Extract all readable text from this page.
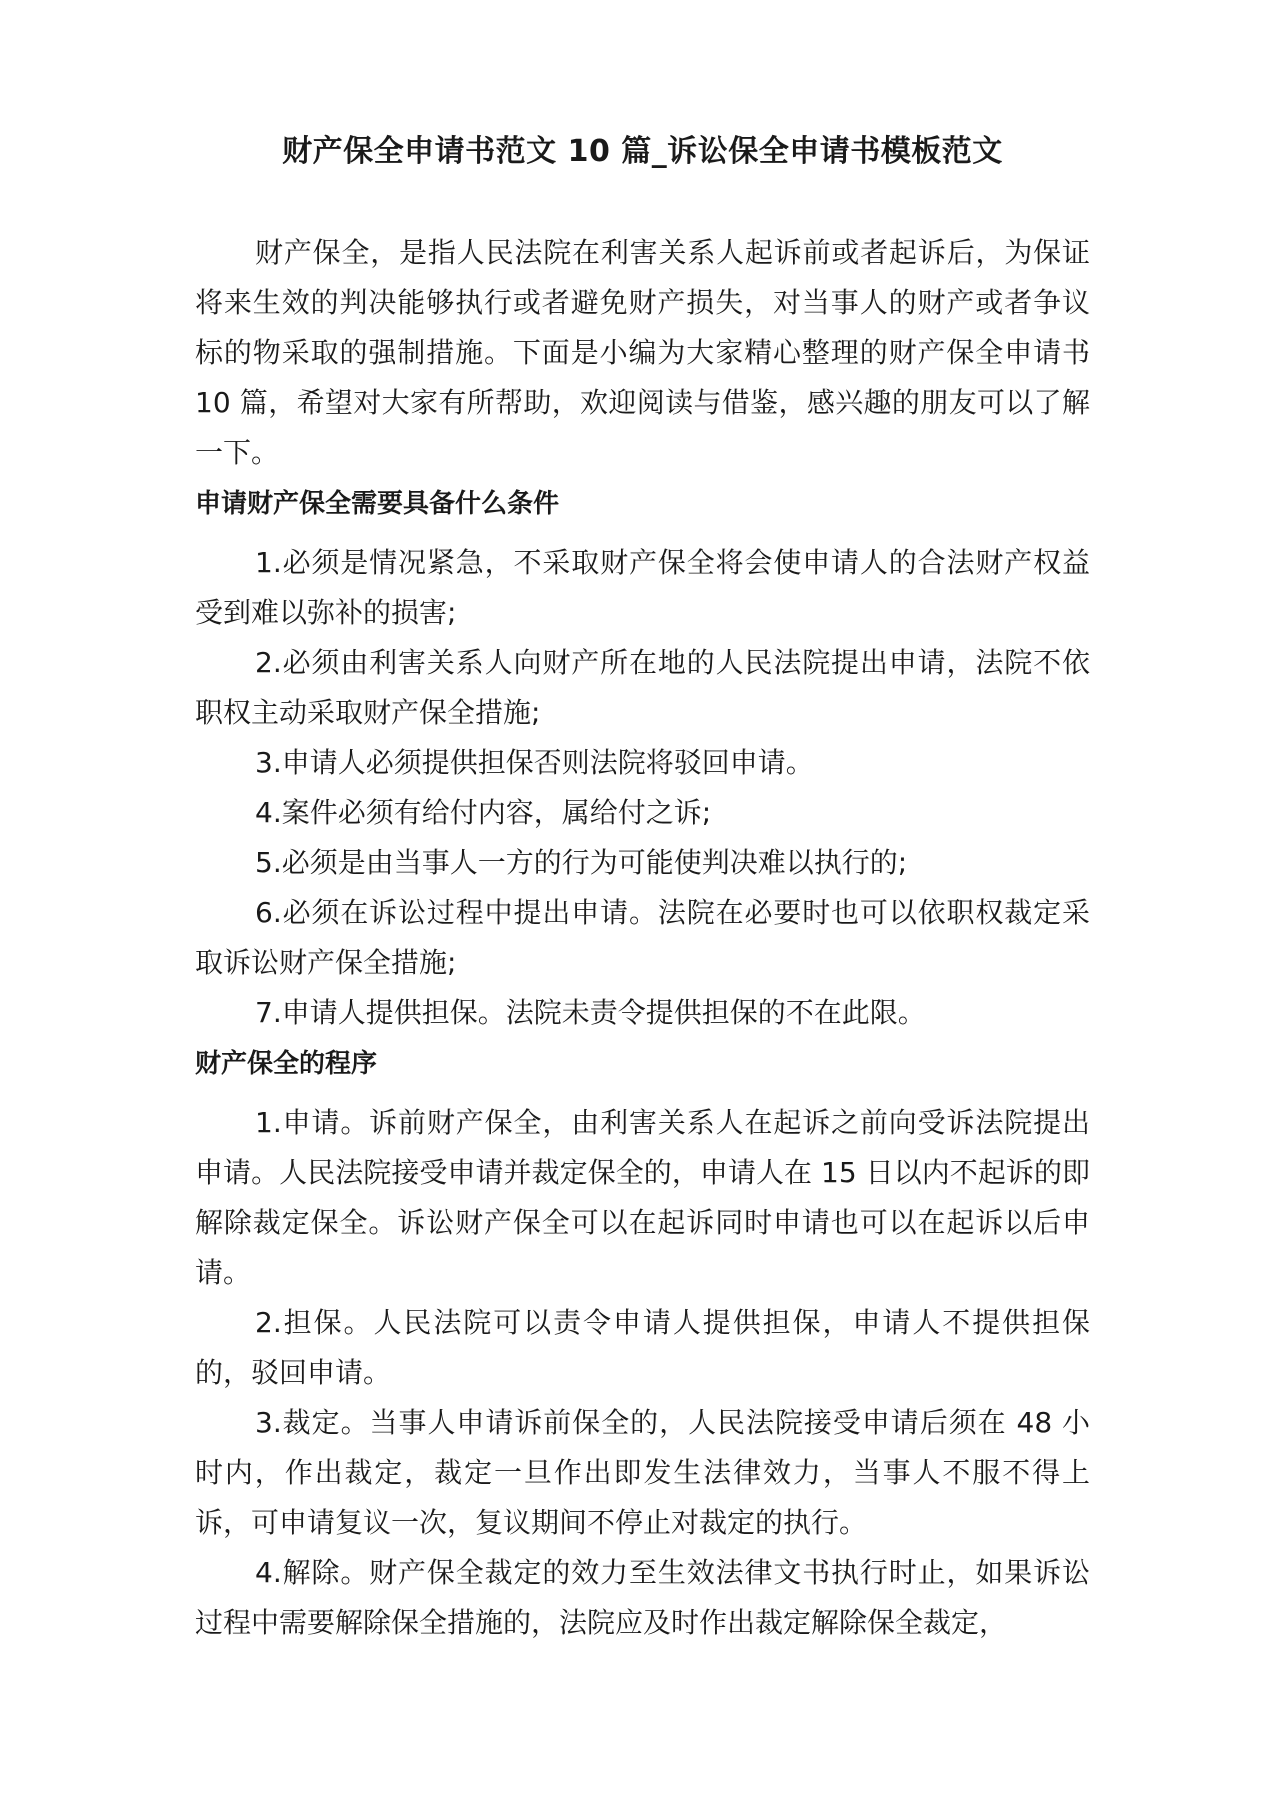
财产保全申请书范文 10 篇_诉讼保全申请书模板范文

财产保全，是指人民法院在利害关系人起诉前或者起诉后，为保证将来生效的判决能够执行或者避免财产损失，对当事人的财产或者争议标的物采取的强制措施。下面是小编为大家精心整理的财产保全申请书 10 篇，希望对大家有所帮助，欢迎阅读与借鉴，感兴趣的朋友可以了解一下。

申请财产保全需要具备什么条件

1.必须是情况紧急，不采取财产保全将会使申请人的合法财产权益受到难以弥补的损害;

2.必须由利害关系人向财产所在地的人民法院提出申请，法院不依职权主动采取财产保全措施;

3.申请人必须提供担保否则法院将驳回申请。

4.案件必须有给付内容，属给付之诉;

5.必须是由当事人一方的行为可能使判决难以执行的;

6.必须在诉讼过程中提出申请。法院在必要时也可以依职权裁定采取诉讼财产保全措施;

7.申请人提供担保。法院未责令提供担保的不在此限。

财产保全的程序

1.申请。诉前财产保全，由利害关系人在起诉之前向受诉法院提出申请。人民法院接受申请并裁定保全的，申请人在 15 日以内不起诉的即解除裁定保全。诉讼财产保全可以在起诉同时申请也可以在起诉以后申请。

2.担保。人民法院可以责令申请人提供担保，申请人不提供担保的，驳回申请。

3.裁定。当事人申请诉前保全的，人民法院接受申请后须在 48 小时内，作出裁定，裁定一旦作出即发生法律效力，当事人不服不得上诉，可申请复议一次，复议期间不停止对裁定的执行。

4.解除。财产保全裁定的效力至生效法律文书执行时止，如果诉讼过程中需要解除保全措施的，法院应及时作出裁定解除保全裁定，
